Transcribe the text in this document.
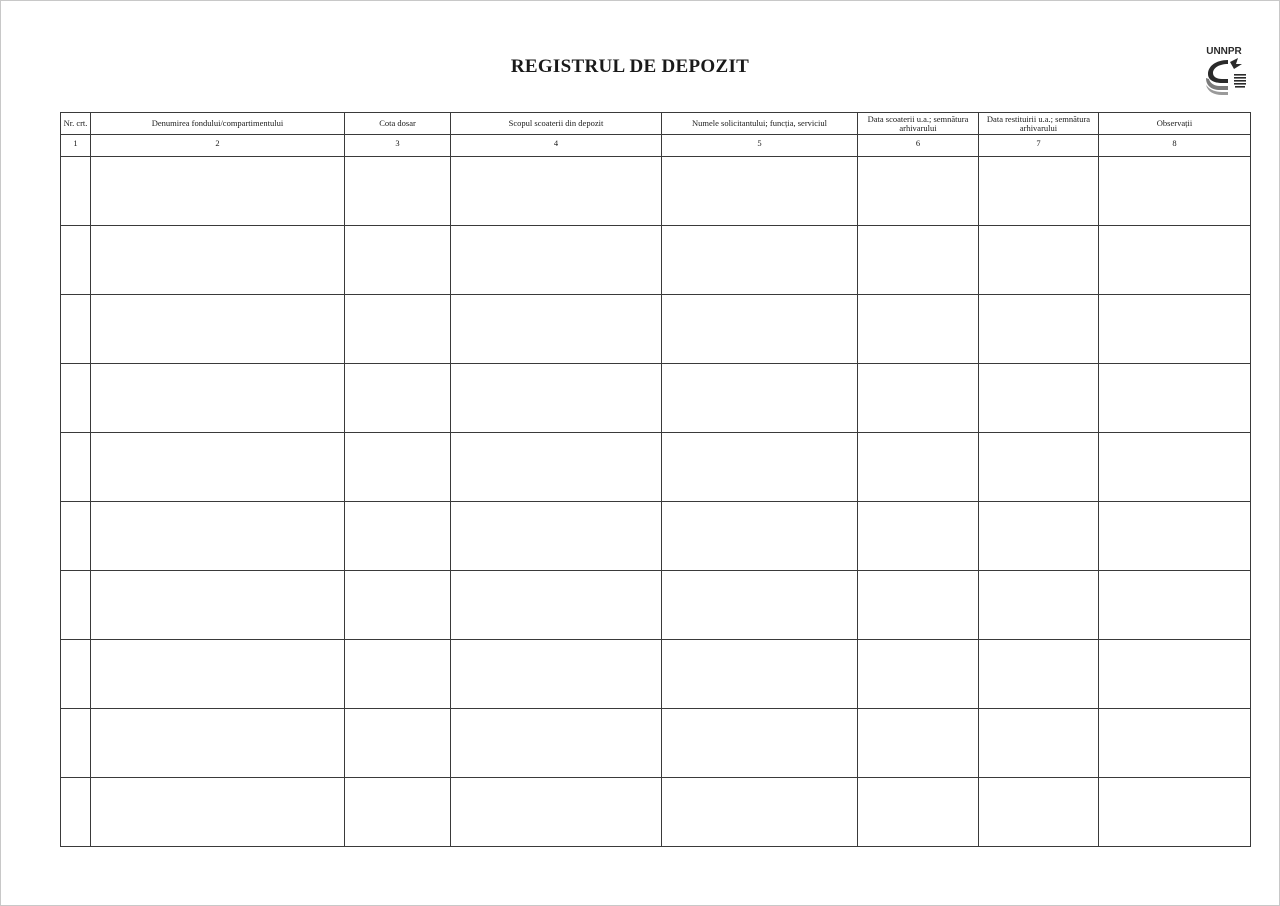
REGISTRUL DE DEPOZIT
UNNPR
Nr. crt.	Denumirea fondului/compartimentului	Cota dosar	Scopul scoaterii din depozit	Numele solicitantului; funcția, serviciul	Data scoaterii u.a.; semnătura arhivarului	Data restituirii u.a.; semnătura arhivarului	Observații
1	2	3	4	5	6	7	8
